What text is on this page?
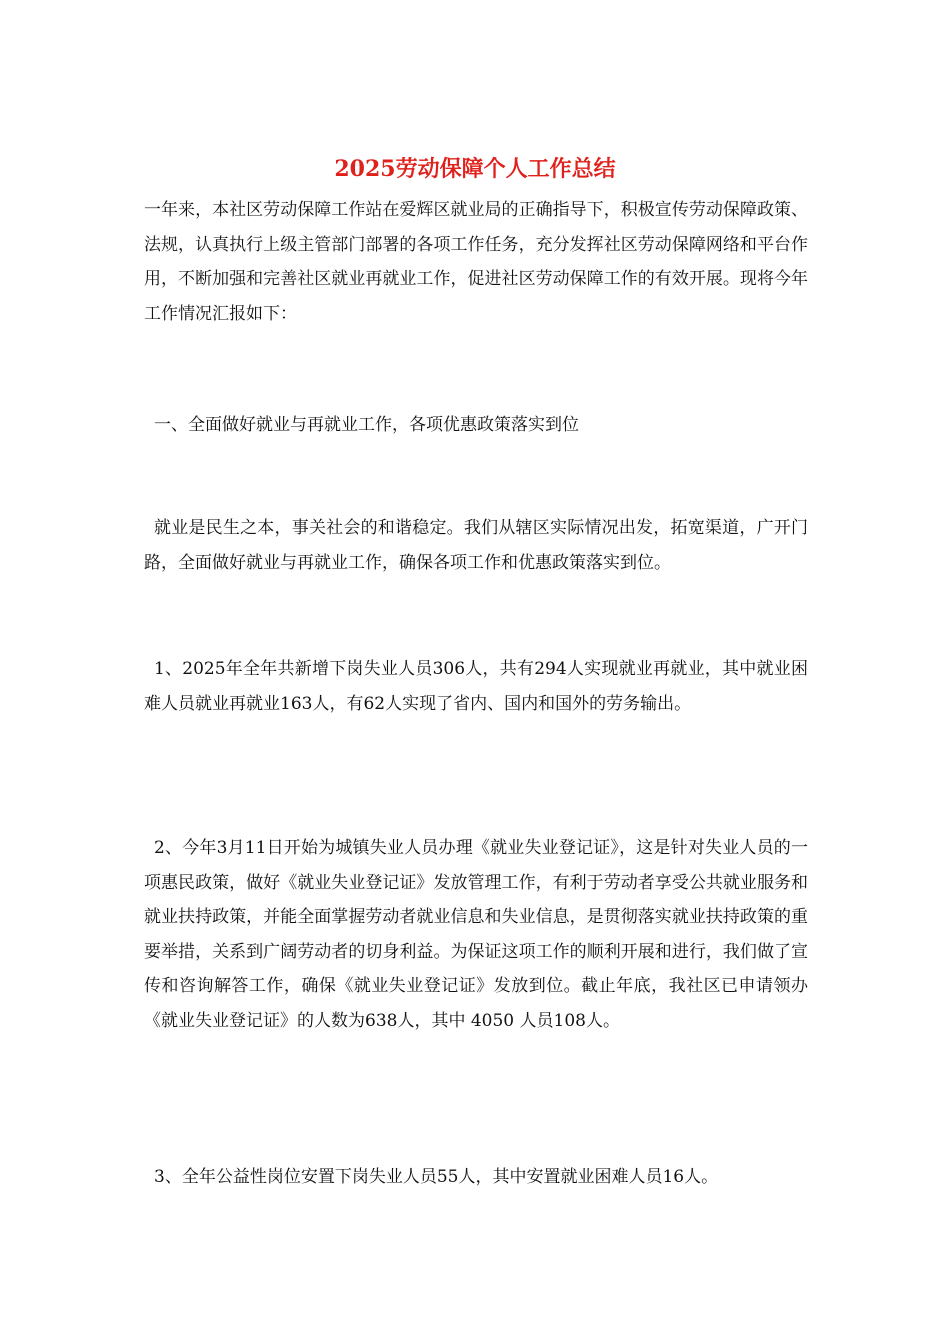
2025劳动保障个人工作总结

一年来，本社区劳动保障工作站在爱辉区就业局的正确指导下，积极宣传劳动保障政策、法规，认真执行上级主管部门部署的各项工作任务，充分发挥社区劳动保障网络和平台作用，不断加强和完善社区就业再就业工作，促进社区劳动保障工作的有效开展。现将今年工作情况汇报如下：

一、全面做好就业与再就业工作，各项优惠政策落实到位

就业是民生之本，事关社会的和谐稳定。我们从辖区实际情况出发，拓宽渠道，广开门路，全面做好就业与再就业工作，确保各项工作和优惠政策落实到位。

1、2025年全年共新增下岗失业人员306人，共有294人实现就业再就业，其中就业困难人员就业再就业163人，有62人实现了省内、国内和国外的劳务输出。

2、今年3月11日开始为城镇失业人员办理《就业失业登记证》，这是针对失业人员的一项惠民政策，做好《就业失业登记证》发放管理工作，有利于劳动者享受公共就业服务和就业扶持政策，并能全面掌握劳动者就业信息和失业信息，是贯彻落实就业扶持政策的重要举措，关系到广阔劳动者的切身利益。为保证这项工作的顺利开展和进行，我们做了宣传和咨询解答工作，确保《就业失业登记证》发放到位。截止年底，我社区已申请领办《就业失业登记证》的人数为638人，其中 4050 人员108人。

3、全年公益性岗位安置下岗失业人员55人，其中安置就业困难人员16人。
